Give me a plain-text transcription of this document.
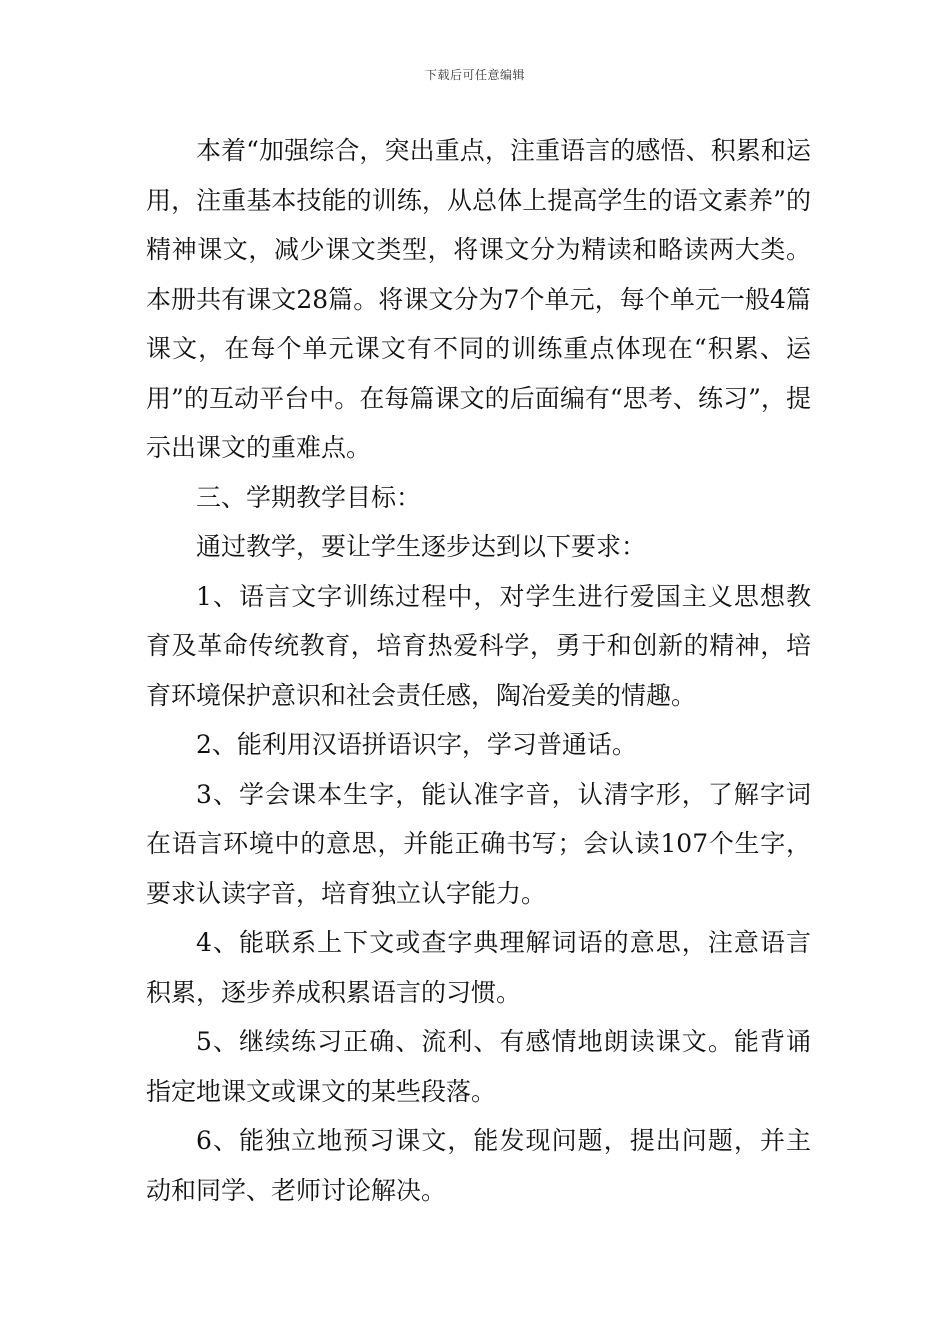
下载后可任意编辑

本着“加强综合，突出重点，注重语言的感悟、积累和运用，注重基本技能的训练，从总体上提高学生的语文素养”的精神课文，减少课文类型，将课文分为精读和略读两大类。本册共有课文28篇。将课文分为7个单元，每个单元一般4篇课文，在每个单元课文有不同的训练重点体现在“积累、运用”的互动平台中。在每篇课文的后面编有“思考、练习”，提示出课文的重难点。

三、学期教学目标：

通过教学，要让学生逐步达到以下要求：

1、语言文字训练过程中，对学生进行爱国主义思想教育及革命传统教育，培育热爱科学，勇于和创新的精神，培育环境保护意识和社会责任感，陶冶爱美的情趣。

2、能利用汉语拼语识字，学习普通话。

3、学会课本生字，能认准字音，认清字形，了解字词在语言环境中的意思，并能正确书写；会认读107个生字，要求认读字音，培育独立认字能力。

4、能联系上下文或查字典理解词语的意思，注意语言积累，逐步养成积累语言的习惯。

5、继续练习正确、流利、有感情地朗读课文。能背诵指定地课文或课文的某些段落。

6、能独立地预习课文，能发现问题，提出问题，并主动和同学、老师讨论解决。
